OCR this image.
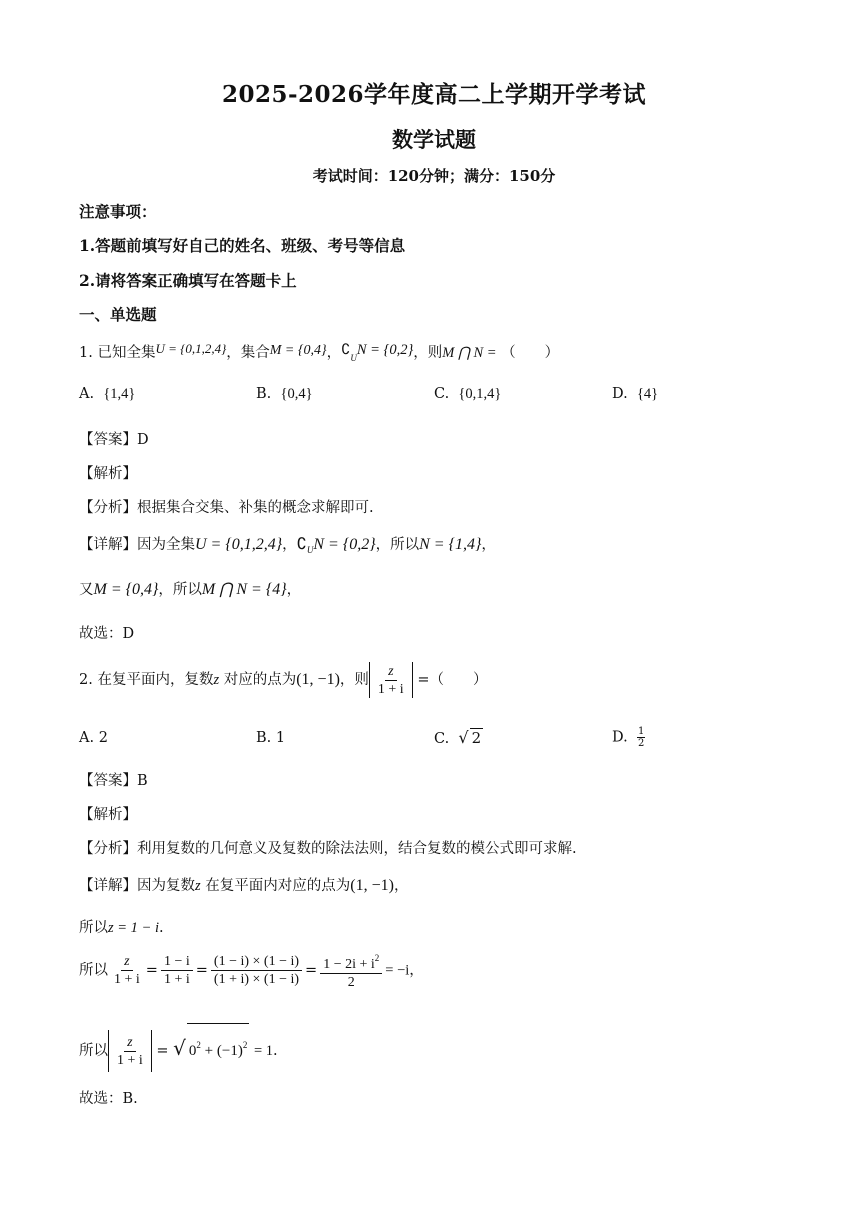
2025-2026学年度高二上学期开学考试
数学试题
考试时间：120分钟；满分：150分
注意事项：
1.答题前填写好自己的姓名、班级、考号等信息
2.请将答案正确填写在答题卡上
一、单选题
1. 已知全集U = {0,1,2,4}，集合M = {0,4}，$∁_UN = \{0,2\}$，则M ⋂ N = （　　）
A. {1,4}	B. {0,4}	C. {0,1,4}	D. {4}
【答案】D
【解析】
【分析】根据集合交集、补集的概念求解即可.
【详解】因为全集U = {0,1,2,4}，$∁_UN = \{0,2\}$，所以N = {1,4}，
又M = {0,4}，所以M ⋂ N = {4}，
故选：D
2. 在复平面内，复数z 对应的点为(1, −1)，则 $\frac{z}{1 + i}$ =（　　）
A. 2	B. 1	C. √ 2	D. $\frac{1}{2}$
【答案】B
【解析】
【分析】利用复数的几何意义及复数的除法法则，结合复数的模公式即可求解.
【详解】因为复数z 在复平面内对应的点为(1, −1)，
所以z = 1 − i.
所以 $\frac{z}{1 + i} = \frac{1 - i}{1 + i} = \frac{(1 - i) \times (1 - i)}{(1 + i) \times (1 - i)} = \frac{1 - 2i + i^2}{2} = -i$，
所以 $\frac{z}{1 + i}$ = √ $0^2 + (-1)^2 = 1$.
故选：B.
